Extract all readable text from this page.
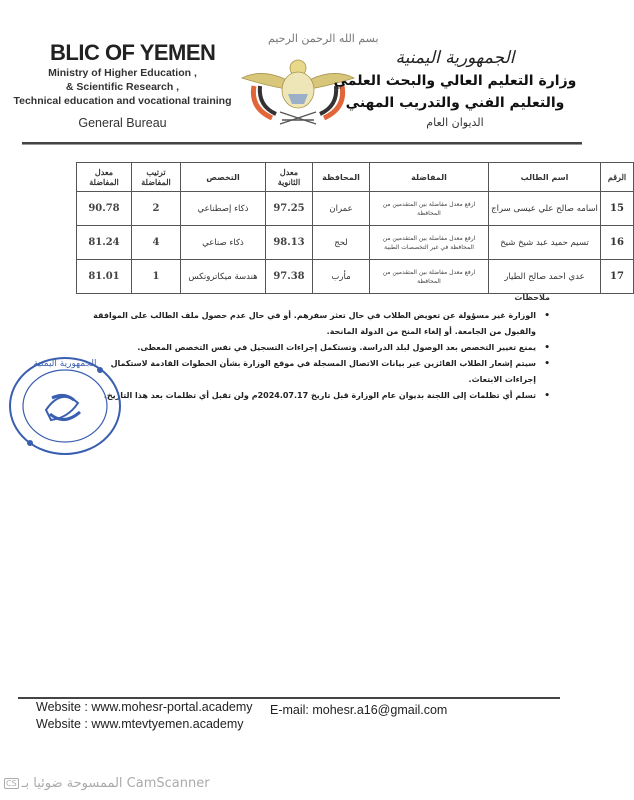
BLIC OF YEMEN
Ministry of Higher Education ,
& Scientific Research ,
Technical education and vocational training
General Bureau
بسم الله الرحمن الرحيم
الجمهورية اليمنية
وزارة التعليم العالي والبحث العلمي
والتعليم الفني والتدريب المهني
الديوان العام
الرقم	اسم الطالب	المفاضلة	المحافظة	معدل الثانوية	التخصص	ترتيب المفاضلة	معدل المفاضلة
15	اسامه صالح علي عيسى سراج	ارفع معدل مفاضلة بين المتقدمين من المحافظة	عمران	97.25	ذكاء إصطناعي	2	90.78
16	تسيم حميد عبد شيخ شيخ	ارفع معدل مفاضلة بين المتقدمين من المحافظة في غير التخصصات الطبية	لحج	98.13	ذكاء صناعي	4	81.24
17	عدي احمد صالح الطيار	ارفع معدل مفاضلة بين المتقدمين من المحافظة	مأرب	97.38	هندسة ميكاترونكس	1	81.01
ملاحظات
• الوزارة غير مسؤولة عن تعويض الطلاب في حال تعثر سفرهم. أو في حال عدم حصول ملف الطالب على الموافقة والقبول من الجامعة. أو إلغاء المنح من الدولة المانحة.
• يمنع تغيير التخصص بعد الوصول لبلد الدراسة. وتستكمل إجراءات التسجيل في نفس التخصص المعطى.
• سيتم إشعار الطلاب الفائزين عبر بيانات الاتصال المسجلة في موقع الوزارة بشأن الخطوات القادمة لاستكمال إجراءات الابتعاث.
• تسلم أي تظلمات إلى اللجنة بديوان عام الوزارة قبل تاريخ 2024.07.17م ولن تقبل أي تظلمات بعد هذا التاريخ.
الجمهورية اليمنية
Website : www.mohesr-portal.academy
Website : www.mtevtyemen.academy
E-mail: mohesr.a16@gmail.com
CS الممسوحة ضوئيا بـ CamScanner
